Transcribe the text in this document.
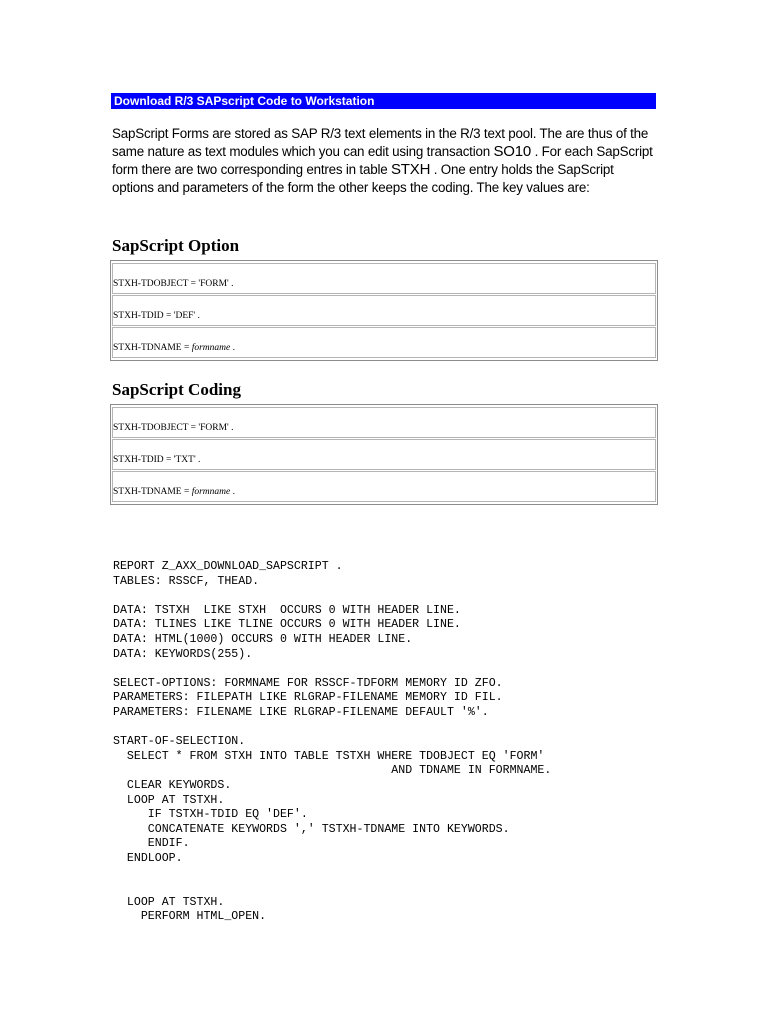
Download R/3 SAPscript Code to Workstation
SapScript Forms are stored as SAP R/3 text elements in the R/3 text pool. The are thus of the same nature as text modules which you can edit using transaction SO10 . For each SapScript form there are two corresponding entres in table STXH . One entry holds the SapScript options and parameters of the form the other keeps the coding. The key values are:
SapScript Option
STXH-TDOBJECT = 'FORM' .
STXH-TDID = 'DEF' .
STXH-TDNAME = formname .
SapScript Coding
STXH-TDOBJECT = 'FORM' .
STXH-TDID = 'TXT' .
STXH-TDNAME = formname .
REPORT Z_AXX_DOWNLOAD_SAPSCRIPT .
TABLES: RSSCF, THEAD.

DATA: TSTXH  LIKE STXH  OCCURS 0 WITH HEADER LINE.
DATA: TLINES LIKE TLINE OCCURS 0 WITH HEADER LINE.
DATA: HTML(1000) OCCURS 0 WITH HEADER LINE.
DATA: KEYWORDS(255).

SELECT-OPTIONS: FORMNAME FOR RSSCF-TDFORM MEMORY ID ZFO.
PARAMETERS: FILEPATH LIKE RLGRAP-FILENAME MEMORY ID FIL.
PARAMETERS: FILENAME LIKE RLGRAP-FILENAME DEFAULT '%'.

START-OF-SELECTION.
SELECT * FROM STXH INTO TABLE TSTXH WHERE TDOBJECT EQ 'FORM'
AND TDNAME IN FORMNAME.
CLEAR KEYWORDS.
LOOP AT TSTXH.
IF TSTXH-TDID EQ 'DEF'.
CONCATENATE KEYWORDS ',' TSTXH-TDNAME INTO KEYWORDS.
ENDIF.
ENDLOOP.

LOOP AT TSTXH.
PERFORM HTML_OPEN.
